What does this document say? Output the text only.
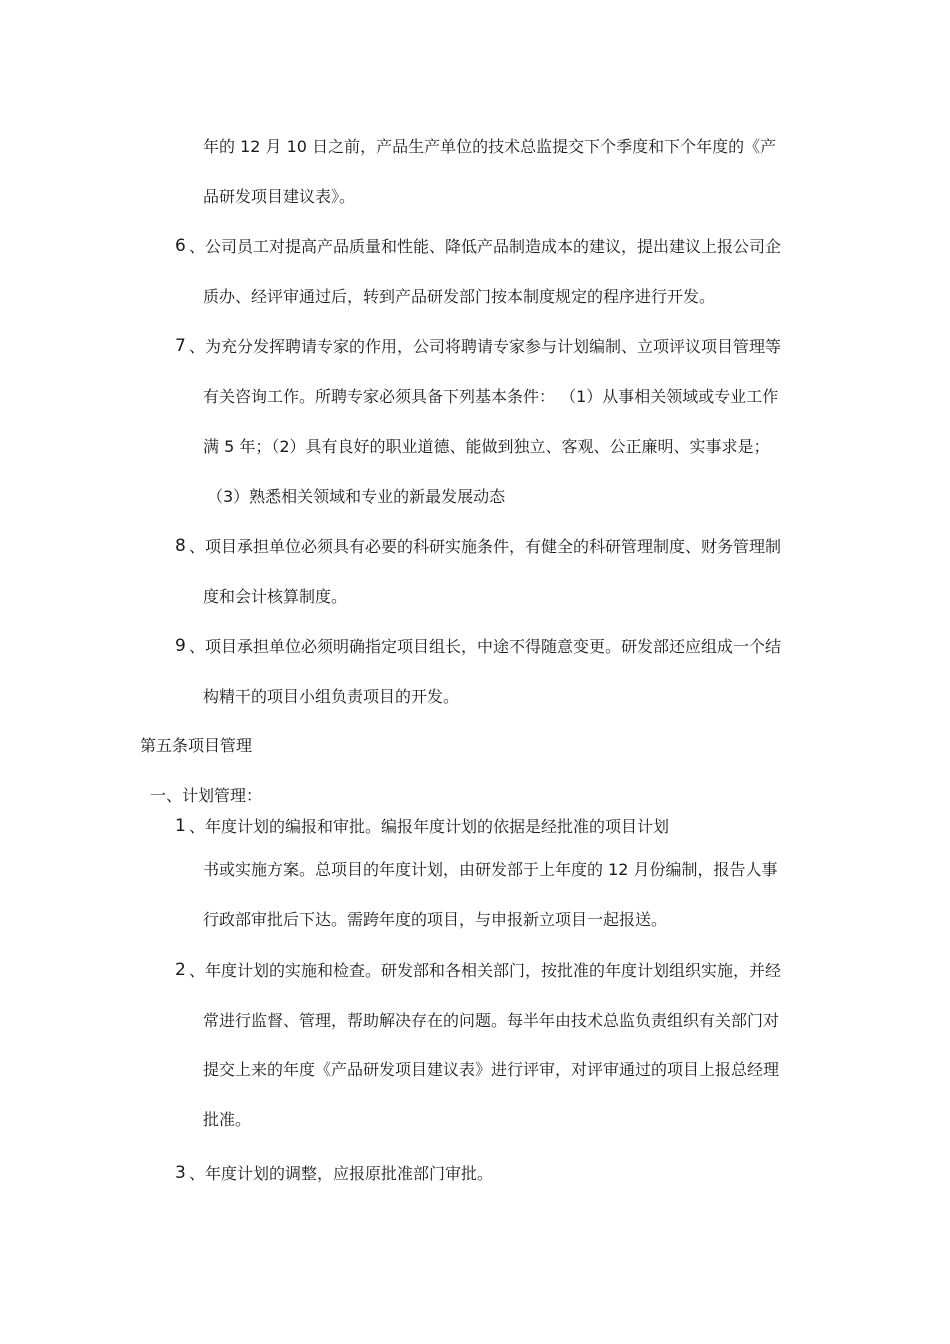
年的 12 月 10 日之前，产品生产单位的技术总监提交下个季度和下个年度的《产

品研发项目建议表》。

6 、公司员工对提高产品质量和性能、降低产品制造成本的建议，提出建议上报公司企

质办、经评审通过后，转到产品研发部门按本制度规定的程序进行开发。

7 、为充分发挥聘请专家的作用，公司将聘请专家参与计划编制、立项评议项目管理等

有关咨询工作。所聘专家必须具备下列基本条件： （1）从事相关领域或专业工作

满 5 年；（2）具有良好的职业道德、能做到独立、客观、公正廉明、实事求是；

（3）熟悉相关领域和专业的新最发展动态

8 、项目承担单位必须具有必要的科研实施条件，有健全的科研管理制度、财务管理制

度和会计核算制度。

9 、项目承担单位必须明确指定项目组长，中途不得随意变更。研发部还应组成一个结

构精干的项目小组负责项目的开发。

第五条项目管理

一、计划管理：

1 、年度计划的编报和审批。编报年度计划的依据是经批准的项目计划

书或实施方案。总项目的年度计划，由研发部于上年度的 12 月份编制，报告人事

行政部审批后下达。需跨年度的项目，与申报新立项目一起报送。

2 、年度计划的实施和检查。研发部和各相关部门，按批准的年度计划组织实施，并经

常进行监督、管理，帮助解决存在的问题。每半年由技术总监负责组织有关部门对

提交上来的年度《产品研发项目建议表》进行评审，对评审通过的项目上报总经理

批准。

3 、年度计划的调整，应报原批准部门审批。
